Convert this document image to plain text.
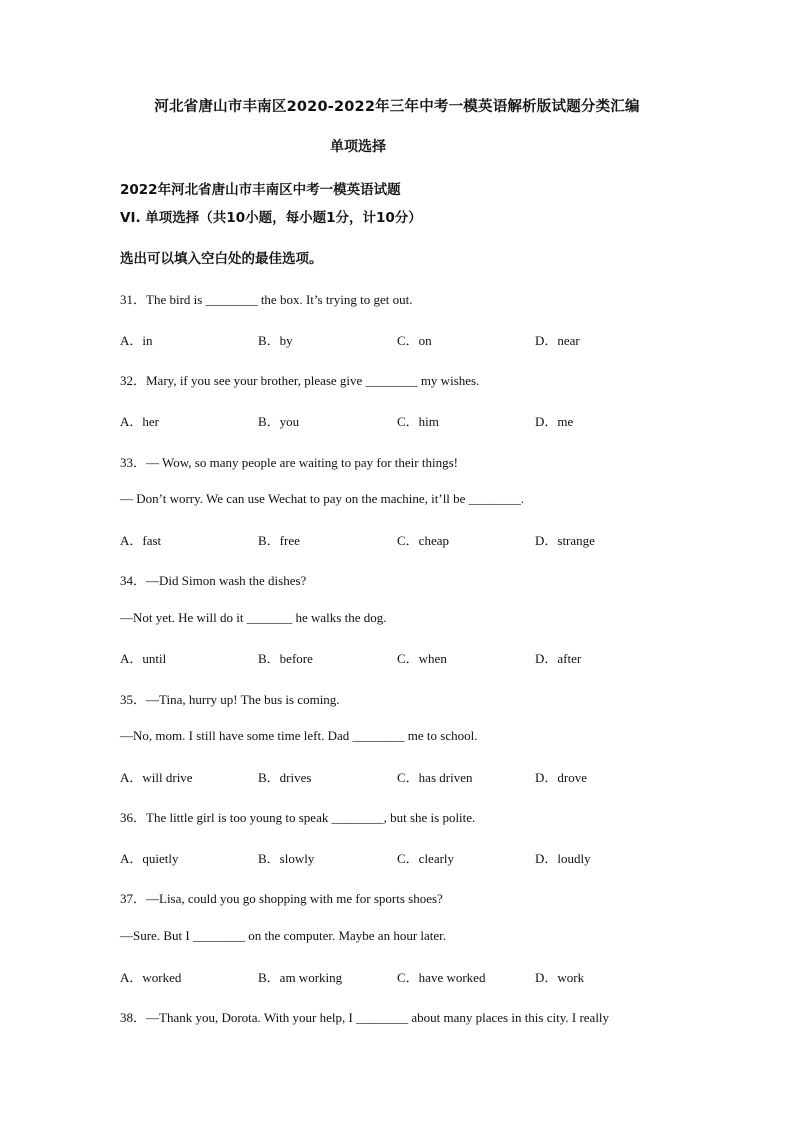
河北省唐山市丰南区2020-2022年三年中考一模英语解析版试题分类汇编
单项选择
2022年河北省唐山市丰南区中考一模英语试题
VI. 单项选择（共10小题，每小题1分，计10分）
选出可以填入空白处的最佳选项。
31．The bird is ________ the box. It’s trying to get out.
A．in	B．by	C．on	D．near
32．Mary, if you see your brother, please give ________ my wishes.
A．her	B．you	C．him	D．me
33．— Wow, so many people are waiting to pay for their things!
— Don’t worry. We can use Wechat to pay on the machine, it’ll be ________.
A．fast	B．free	C．cheap	D．strange
34．—Did Simon wash the dishes?
—Not yet. He will do it _______ he walks the dog.
A．until	B．before	C．when	D．after
35．—Tina, hurry up! The bus is coming.
—No, mom. I still have some time left. Dad ________ me to school.
A．will drive	B．drives	C．has driven	D．drove
36．The little girl is too young to speak ________, but she is polite.
A．quietly	B．slowly	C．clearly	D．loudly
37．—Lisa, could you go shopping with me for sports shoes?
—Sure. But I ________ on the computer. Maybe an hour later.
A．worked	B．am working	C．have worked	D．work
38．—Thank you, Dorota. With your help, I ________ about many places in this city. I really
